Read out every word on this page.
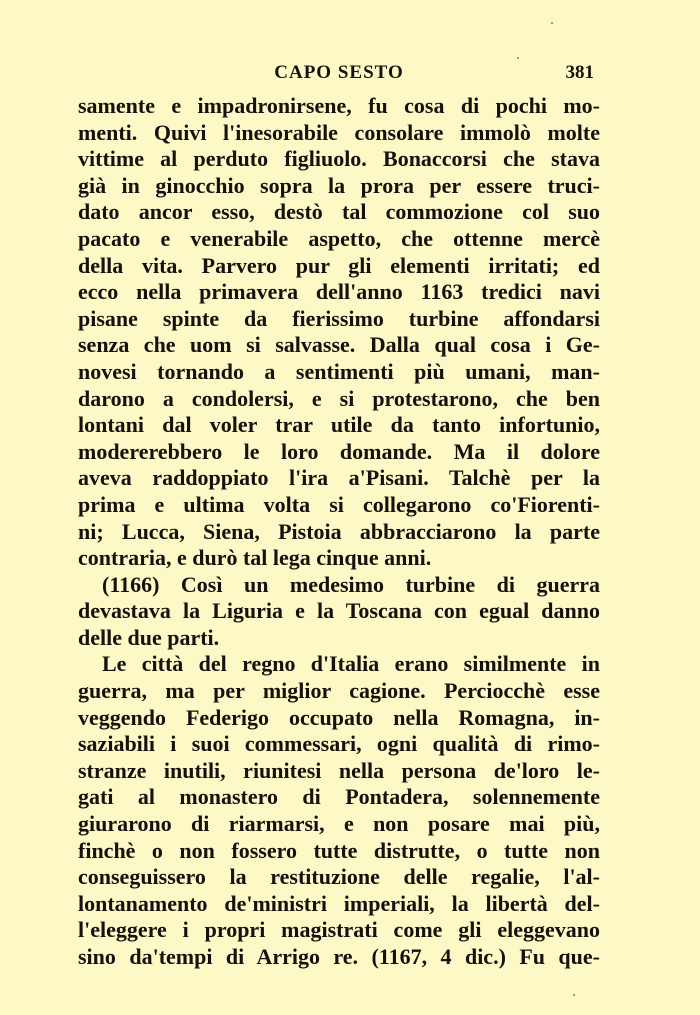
CAPO SESTO	381
samente e impadronirsene, fu cosa di pochi mo-
menti. Quivi l'inesorabile consolare immolò molte
vittime al perduto figliuolo. Bonaccorsi che stava
già in ginocchio sopra la prora per essere truci-
dato ancor esso, destò tal commozione col suo
pacato e venerabile aspetto, che ottenne mercè
della vita. Parvero pur gli elementi irritati; ed
ecco nella primavera dell'anno 1163 tredici navi
pisane spinte da fierissimo turbine affondarsi
senza che uom si salvasse. Dalla qual cosa i Ge-
novesi tornando a sentimenti più umani, man-
darono a condolersi, e si protestarono, che ben
lontani dal voler trar utile da tanto infortunio,
modererebbero le loro domande. Ma il dolore
aveva raddoppiato l'ira a'Pisani. Talchè per la
prima e ultima volta si collegarono co'Fiorenti-
ni; Lucca, Siena, Pistoia abbracciarono la parte
contraria, e durò tal lega cinque anni.
(1166) Così un medesimo turbine di guerra
devastava la Liguria e la Toscana con egual danno
delle due parti.
Le città del regno d'Italia erano similmente in
guerra, ma per miglior cagione. Perciocchè esse
veggendo Federigo occupato nella Romagna, in-
saziabili i suoi commessari, ogni qualità di rimo-
stranze inutili, riunitesi nella persona de'loro le-
gati al monastero di Pontadera, solennemente
giurarono di riarmarsi, e non posare mai più,
finchè o non fossero tutte distrutte, o tutte non
conseguissero la restituzione delle regalie, l'al-
lontanamento de'ministri imperiali, la libertà del-
l'eleggere i propri magistrati come gli eleggevano
sino da'tempi di Arrigo re. (1167, 4 dic.) Fu que-
